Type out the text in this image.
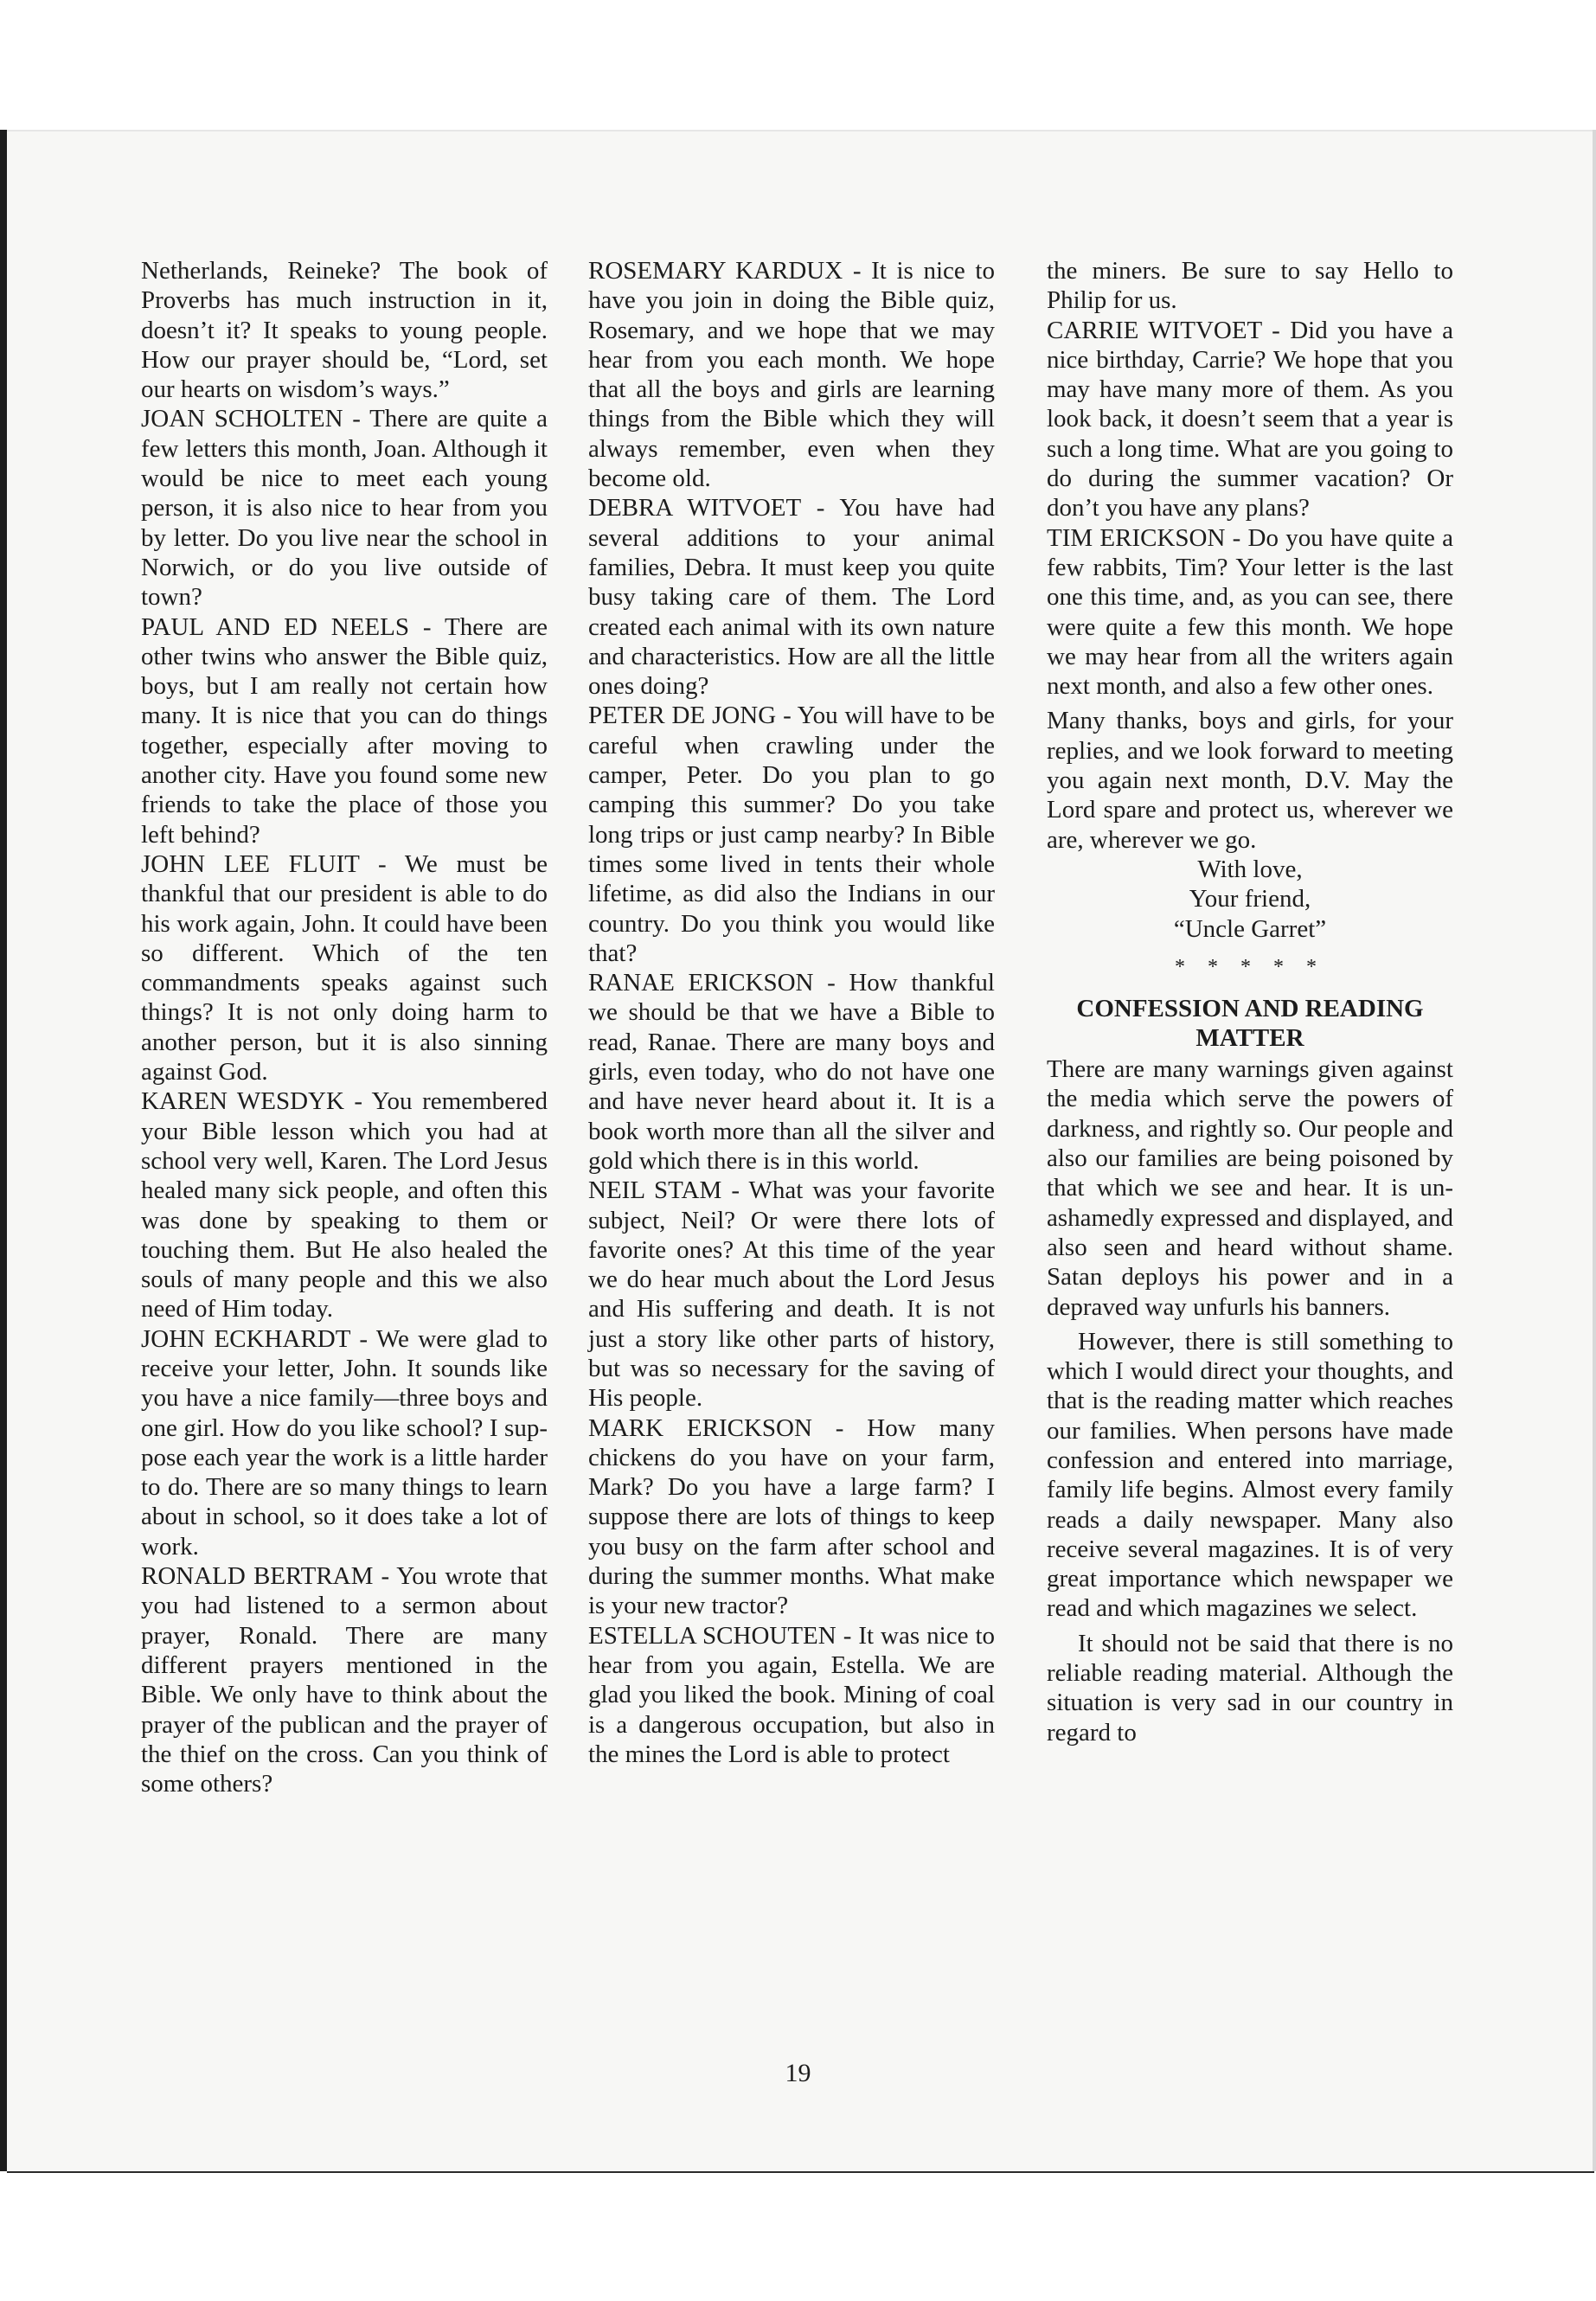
Netherlands, Reineke? The book of Proverbs has much instruction in it, doesn’t it? It speaks to young people. How our prayer should be, “Lord, set our hearts on wisdom’s ways.”

JOAN SCHOLTEN - There are quite a few letters this month, Joan. Although it would be nice to meet each young person, it is also nice to hear from you by letter. Do you live near the school in Norwich, or do you live outside of town?

PAUL AND ED NEELS - There are other twins who answer the Bible quiz, boys, but I am really not certain how many. It is nice that you can do things together, especially after moving to another city. Have you found some new friends to take the place of those you left behind?

JOHN LEE FLUIT - We must be thankful that our president is able to do his work again, John. It could have been so different. Which of the ten commandments speaks against such things? It is not only doing harm to another person, but it is also sinning against God.

KAREN WESDYK - You remembered your Bible lesson which you had at school very well, Karen. The Lord Jesus healed many sick people, and often this was done by speaking to them or touching them. But He also healed the souls of many people and this we also need of Him today.

JOHN ECKHARDT - We were glad to receive your letter, John. It sounds like you have a nice family—three boys and one girl. How do you like school? I suppose each year the work is a little harder to do. There are so many things to learn about in school, so it does take a lot of work.

RONALD BERTRAM - You wrote that you had listened to a sermon about prayer, Ronald. There are many different prayers mentioned in the Bible. We only have to think about the prayer of the publican and the prayer of the thief on the cross. Can you think of some others?

ROSEMARY KARDUX - It is nice to have you join in doing the Bible quiz, Rosemary, and we hope that we may hear from you each month. We hope that all the boys and girls are learning things from the Bible which they will always remember, even when they become old.

DEBRA WITVOET - You have had several additions to your animal families, Debra. It must keep you quite busy taking care of them. The Lord created each animal with its own nature and characteristics. How are all the little ones doing?

PETER DE JONG - You will have to be careful when crawling under the camper, Peter. Do you plan to go camping this summer? Do you take long trips or just camp nearby? In Bible times some lived in tents their whole lifetime, as did also the Indians in our country. Do you think you would like that?

RANAE ERICKSON - How thankful we should be that we have a Bible to read, Ranae. There are many boys and girls, even today, who do not have one and have never heard about it. It is a book worth more than all the silver and gold which there is in this world.

NEIL STAM - What was your favorite subject, Neil? Or were there lots of favorite ones? At this time of the year we do hear much about the Lord Jesus and His suffering and death. It is not just a story like other parts of history, but was so necessary for the saving of His people.

MARK ERICKSON - How many chickens do you have on your farm, Mark? Do you have a large farm? I suppose there are lots of things to keep you busy on the farm after school and during the summer months. What make is your new tractor?

ESTELLA SCHOUTEN - It was nice to hear from you again, Estella. We are glad you liked the book. Mining of coal is a dangerous occupation, but also in the mines the Lord is able to protect

the miners. Be sure to say Hello to Philip for us.

CARRIE WITVOET - Did you have a nice birthday, Carrie? We hope that you may have many more of them. As you look back, it doesn’t seem that a year is such a long time. What are you going to do during the summer vacation? Or don’t you have any plans?

TIM ERICKSON - Do you have quite a few rabbits, Tim? Your letter is the last one this time, and, as you can see, there were quite a few this month. We hope we may hear from all the writers again next month, and also a few other ones.

Many thanks, boys and girls, for your replies, and we look forward to meeting you again next month, D.V. May the Lord spare and protect us, wherever we are, wherever we go.

With love,

Your friend,

“Uncle Garret”

* * * * *
CONFESSION AND READING MATTER

There are many warnings given against the media which serve the powers of darkness, and rightly so. Our people and also our families are being poisoned by that which we see and hear. It is unashamedly expressed and displayed, and also seen and heard without shame. Satan deploys his power and in a depraved way unfurls his banners.

However, there is still something to which I would direct your thoughts, and that is the reading matter which reaches our families. When persons have made confession and entered into marriage, family life begins. Almost every family reads a daily newspaper. Many also receive several magazines. It is of very great importance which newspaper we read and which magazines we select.

It should not be said that there is no reliable reading material. Although the situation is very sad in our country in regard to

19
